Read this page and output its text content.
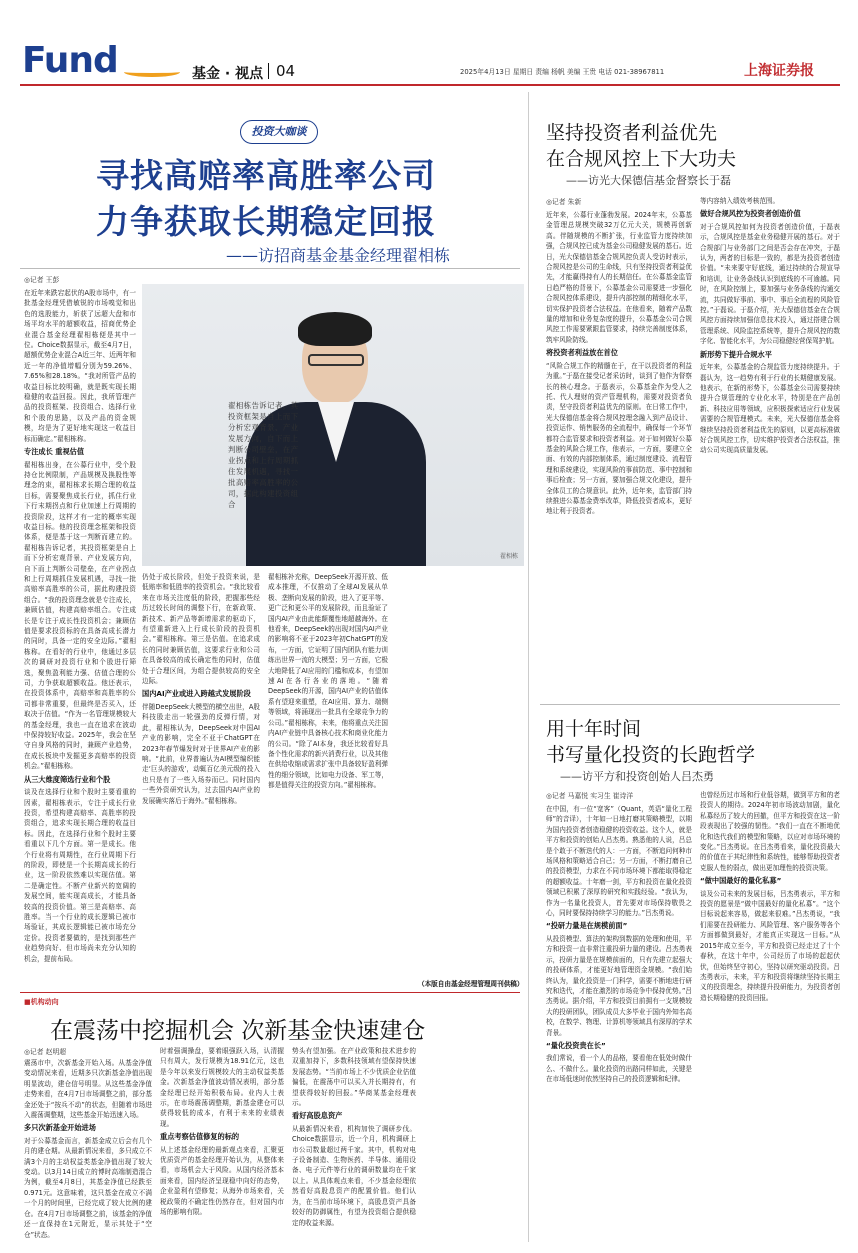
Fund	基金 · 视点 04	2025年4月13日 星期日 责编 杨帆 美编 王贵 电话 021-38967811	上海证券报
投资大咖谈
寻找高赔率高胜率公司
力争获取长期稳定回报
——访招商基金基金经理翟相栋
◎记者 王彭

在近年来跌宕起伏的A股市场中，有一批基金经理凭借敏锐的市场嗅觉和出色的选股能力，斩获了远超大盘和市场平均水平的超额收益，招商优势企业混合基金经理翟相栋便是其中一位。Choice数据显示，截至4月7日，超额优势企业混合A近三年、近两年和近一年的净值增幅分别为59.26%、7.65%和28.18%。“我对所管产品的收益目标比较明确，就是既实现长期稳健的收益回报。因此，我所管理产品的投资框架、投资组合、选择行业和个股的思路，以及产品的资金规模，均是为了更好地实现这一收益目标而确定。”翟相栋称。

专注成长 重视估值

翟相栋出身，在公募行业中，受个股持仓比例限制，产品规模及换股性等理念的束，翟相栋求长期合理的收益目标，需要聚焦成长行业，抓住行业下行末期拐点和行业加速上行周期的投资阶段，这样才有一定的概率实现收益目标。他的投资理念框架和投资体系，便是基于这一判断而建立的。翟相栋告诉记者，其投资框架是自上而下分析宏观背景、产业发展方向，自下而上判断公司壁垒，在产业拐点和上行周期抓住发展机遇，寻找一批高赔率高胜率的公司，据此构建投资组合。“我的投资理念就是专注成长，兼顾估值，构建高赔率组合。专注成长是专注于成长性投资机会；兼顾估值是要求投资标的在具备高成长潜力的同时，具备一定的安全边际。”翟相栋称。在看好的行业中，他通过多层次的调研对投资行业和个股进行筛选，聚焦盈利能力强、估值合理的公司，力争获取超额收益。他还表示，在投资体系中，高赔率和高胜率的公司都非常重要，但最终是否买入，还取决于估值。“作为一名管理规模较大的基金经理，我也一直在追求在波动中保持较好收益。2025年，我会在坚守自身风格的同时，兼顾产业趋势，在成长板块中发掘更多高赔率的投资机会。”翟相栋称。

从三大维度筛选行业和个股

谈及在选择行业和个股时主要看重的因素，翟相栋表示，专注于成长行业投资，希望构建高赔率、高胜率的投资组合，追求实现长期合理的收益目标。因此，在选择行业和个股时主要看重以下几个方面。第一是成长。他个行业将有周期性，在行业周期下行的阶段，即使是一个长期高成长的行业，这一阶段依然难以实现估值。第二是确定性。不断产业新兴的宽阔的发展空间，能实现高成长，才能具备较高的投资价值。第三是高赔率、高胜率。当一个行业的成长逻辑已被市场验证，其成长逻辑能已被市场充分定价。投资者要做的，是找到那些产业趋势向好、但市场尚未充分认知的机会，提前布局。

翟相栋
翟相栋告诉记者，其投资框架是自上而下分析宏观背景、产业发展方向，自下而上判断公司壁垒，在产业拐点和上行周期抓住发展机遇，寻找一批高赔率高胜率的公司，据此构建投资组合

仍处于成长阶段，但处于投资来说，是低赔率和低胜率的投资机会。“我比较看来在市场关注度低的阶段，把握那些经历过较长时间的调整下行，在新政策、新技术、新产品等新增需求的驱动下，有望重新进入上行成长阶段的投资机会。”翟相栋称。第三是估值。在追求成长的同时兼顾估值，这要求行业和公司在具备较高的成长确定性的同时，估值处于合理区间，为组合提供较高的安全边际。

国内AI产业或进入跨越式发展阶段

伴随DeepSeek大模型的横空出世，A股科技股走出一轮强劲的反弹行情，对此，翟相栋认为，DeepSeek对中国AI产业的影响，完全不亚于ChatGPT在2023年春节爆发时对于世界AI产业的影响。“此前，业界普遍认为AI模型编织能走‘巨头的游戏’，动辄百亿美元级的投入也只是有了一些入场券而已。同时国内一些外资研究认为，过去国内AI产业的发展确实落后于海外。”翟相栋称。

翟相栋补充称，DeepSeek开源开放、低成本推理，不仅推动了全球AI发展从单极、垄断向发展的阶段，进入了更平等、更广泛和更公平的发展阶段，而且验证了国内AI产业由此能颠覆性地超越海外。在他看来，DeepSeek的出现对国内AI产业的影响将不亚于2023年初ChatGPT的发布，一方面，它证明了国内团队有能力训练出世界一流的大模型；另一方面，它极大地降低了AI应用的门槛和成本，有望加速AI在各行各业的落地。“随着DeepSeek的开源，国内AI产业的估值体系有望迎来重塑，在AI应用、算力、端侧等领域，将涌现出一批具有全球竞争力的公司。”翟相栋称，未来，他将重点关注国内AI产业链中具备核心技术和商业化能力的公司。“除了AI本身，我还比较看好具备个性化需求的新兴消费行业，以及其他在供给收缩或需求扩张中具备较好盈利弹性的细分领域，比如电力设备、军工等，都是值得关注的投资方向。”翟相栋称。

（本版自由基金经理管理周刊供稿）
坚持投资者利益优先
在合规风控上下大功夫
——访光大保德信基金督察长于磊
◎记者 朱新

近年来，公募行业蓬勃发展。2024年末，公募基金管理总规模突破32万亿元大关，规模再创新高。伴随规模的不断扩张，行业监管力度持续加强，合规风控已成为基金公司稳健发展的基石。近日，光大保德信基金合规风控负责人受访时表示，合规风控是公司的生命线，只有坚持投资者利益优先，才能赢得持有人的长期信任。在公募基金监管日趋严格的背景下，公募基金公司需要进一步强化合规风控体系建设，提升内部控制的精细化水平，切实保护投资者合法权益。在他看来，随着产品数量的增加和业务复杂度的提升，公募基金公司合规风控工作需要紧跟监管要求，持续完善制度体系，筑牢风险防线。

将投资者利益放在首位

“风险合规工作的精髓在于，在干以投资者的利益为重。”于磊在接受记者采访时，谈到了他作为督察长的核心理念。于磊表示，公募基金作为受人之托、代人理财的资产管理机构，需要对投资者负责，坚守投资者利益优先的原则。在日常工作中，光大保德信基金将合规风控理念融入到产品设计、投资运作、销售服务的全流程中，确保每一个环节都符合监管要求和投资者利益。对于如何做好公募基金的风险合规工作，他表示，一方面，要建立全面、有效的内部控制体系，通过制度建设、流程管理和系统建设，实现风险的事前防范、事中控制和事后检查；另一方面，要加强合规文化建设，提升全体员工的合规意识。此外，近年来，监管部门持续推进公募基金费率改革，降低投资者成本，更好地让利于投资者。

等内容纳入绩效考核范围。

做好合规风控为投资者创造价值

对于合规风控如何为投资者创造价值，于磊表示，合规风控是基金业务稳健开展的基石。对于合规部门与业务部门之间是否会存在冲突，于磊认为，两者的目标是一致的，都是为投资者创造价值。“未来要守好底线，通过持续的合规宣导和培训，让业务条线认识到底线的不可逾越。同时，在风险控制上，要加强与业务条线的沟通交流，共同做好事前、事中、事后全流程的风险管控。”于磊说。于磊介绍，光大保德信基金在合规风控方面持续加强信息技术投入，通过搭建合规管理系统、风险监控系统等，提升合规风控的数字化、智能化水平，为公司稳健经营保驾护航。

新形势下提升合规水平

近年来，公募基金的合规监管力度持续提升。于磊认为，这一趋势有利于行业的长期健康发展。他表示，在新的形势下，公募基金公司需要持续提升合规管理的专业化水平，特别是在产品创新、科技应用等领域，应积极探索适应行业发展需要的合规管理模式。未来，光大保德信基金将继续坚持投资者利益优先的原则，以更高标准做好合规风控工作，切实维护投资者合法权益，推动公司实现高质量发展。

用十年时间
书写量化投资的长跑哲学
——访平方和投资创始人吕杰勇
◎记者 马嘉悦 实习生 崔诗洋

在中国，有一位“宽客”（Quant，英语“量化工程师”的音译），十年如一日地打磨其策略模型，以期为国内投资者创造稳健的投资收益。这个人，就是平方和投资的创始人吕杰勇。熟悉他的人说，吕总是个敢于不断迭代的人：一方面，不断追问何种市场风格和策略适合自己；另一方面，不断打磨自己的投资模型，力求在不同市场环境下都能取得稳定的超额收益。十年磨一剑，平方和投资在量化投资领域已积累了深厚的研究和实践经验。“我认为，作为一名量化投资人，首先要对市场保持敬畏之心，同时要保持持续学习的能力。”吕杰勇说。

“投研力量是在规模前面”

从投资模型、算法的架构到数据的处理和使用，平方和投资一直非常注重投研力量的建设。吕杰勇表示，投研力量是在规模前面的，只有先建立起强大的投研体系，才能更好地管理资金规模。“我们始终认为，量化投资是一门科学，需要不断地进行研究和迭代，才能在激烈的市场竞争中保持优势。”吕杰勇说。据介绍，平方和投资目前拥有一支规模较大的投研团队，团队成员大多毕业于国内外知名高校，在数学、物理、计算机等领域具有深厚的学术背景。

“量化投资贵在长”

我们常说，看一个人的品格，要看他在低处时做什么、不做什么。量化投资的出路同样如此，关键是在市场低迷时依然坚持自己的投资逻辑和纪律。

也曾经历过市场和行业低谷期，做到平方和的老投资人的期待。2024年初市场波动加剧，量化私募经历了较大的回撤，但平方和投资在这一阶段表现出了较强的韧性。“我们一直在不断地优化和迭代我们的模型和策略，以应对市场环境的变化。”吕杰勇说。在吕杰勇看来，量化投资最大的价值在于其纪律性和系统性，能够帮助投资者克服人性的弱点，做出更加理性的投资决策。

“做中国最好的量化私募”

谈及公司未来的发展目标，吕杰勇表示，平方和投资的愿景是“做中国最好的量化私募”。“这个目标说起来容易，做起来很难。”吕杰勇说，“我们需要在投研能力、风险管理、客户服务等各个方面都做到最好，才能真正实现这一目标。”从2015年成立至今，平方和投资已经走过了十个春秋，在这十年中，公司经历了市场的起起伏伏，但始终坚守初心，坚持以研究驱动投资。吕杰勇表示，未来，平方和投资将继续坚持长期主义的投资理念，持续提升投研能力，为投资者创造长期稳健的投资回报。

■机构动向
在震荡中挖掘机会 次新基金快速建仓
◎记者 赵明超

震荡市中，次新基金开始入场。从基金净值变动情况来看，近期多只次新基金净值出现明显波动，建仓信号明显。从这些基金净值走势来看，在4月7日市场调整之前，部分基金还处于“按兵不动”的状态，但随着市场进入震荡调整期，这些基金开始迅速入场。

多只次新基金开始进场

对于公募基金而言，新基金成立后会有几个月的建仓期。从最新情况来看，多只成立不满3个月的主动权益类基金净值出现了较大变动。以3月14日成立的博时高端制造混合为例，截至4月8日，其基金净值已经跌至0.971元。这意味着，这只基金在成立不满一个月的时间里，已经完成了较大比例的建仓。在4月7日市场调整之前，该基金的净值还一直保持在1元附近，显示其处于“空仓”状态。

时着强调操盘，要着眼强跃入场，认清握只有周大，发行规模为18.91亿元，这也是今年以来发行规模较大的主动权益类基金。次新基金净值波动情况表明，部分基金经理已经开始积极布局。业内人士表示，在市场震荡调整期，新基金建仓可以获得较低的成本，有利于未来的业绩表现。

重点考察估值修复的标的

从上述基金经理的最新观点来看，汇聚更优质资产的基金经理开始认为，从整体来看，市场机会大于风险。从国内经济基本面来看，国内经济呈现稳中向好的态势，企业盈利有望修复；从海外市场来看，关税政策的不确定性仍然存在，但对国内市场的影响有限。

势头有望加强。在产业政策和技术进步的双重加持下，多数科技领域有望保持快速发展态势。“当前市场上不少优质企业估值偏低，在震荡中可以买入并长期持有，有望获得较好的回报。”华商某基金经理表示。

看好高股息资产

从最新情况来看，机构加快了调研步伐。Choice数据显示，近一个月，机构调研上市公司数量超过两千家。其中，机构对电子设备制造、生物医药、半导体、通用设备、电子元件等行业的调研数量均在千家以上。从具体观点来看，不少基金经理依然看好高股息资产的配置价值。他们认为，在当前市场环境下，高股息资产具备较好的防御属性，有望为投资组合提供稳定的收益来源。
